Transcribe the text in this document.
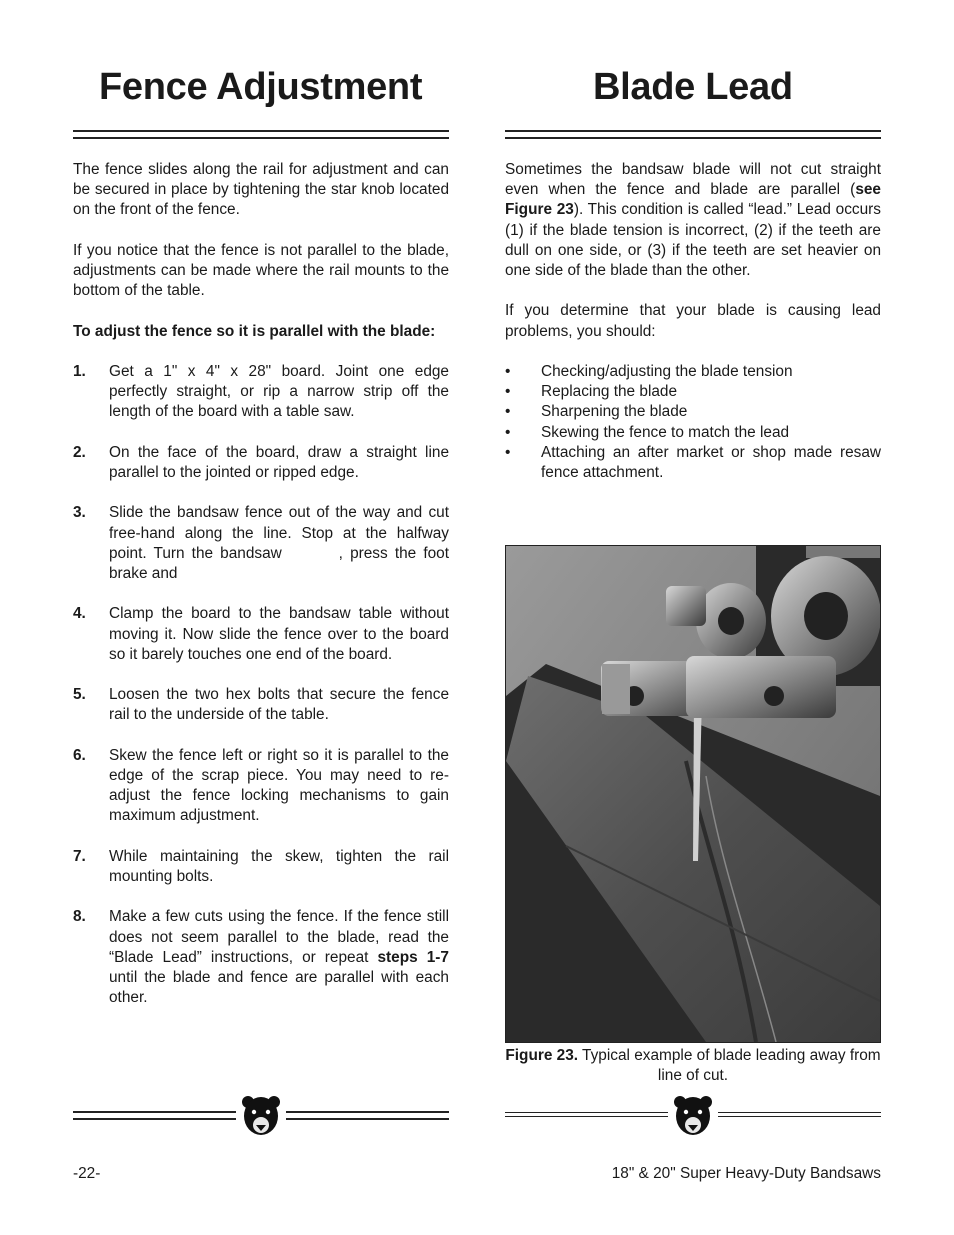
Fence Adjustment

The fence slides along the rail for adjustment and can be secured in place by tightening the star knob located on the front of the fence.

If you notice that the fence is not parallel to the blade, adjustments can be made where the rail mounts to the bottom of the table.

To adjust the fence so it is parallel with the blade:

1.	Get a 1" x 4" x 28" board. Joint one edge perfectly straight, or rip a narrow strip off the length of the board with a table saw.
2.	On the face of the board, draw a straight line parallel to the jointed or ripped edge.
3.	Slide the bandsaw fence out of the way and cut free-hand along the line. Stop at the halfway point. Turn the bandsaw        , press the foot brake and
4.	Clamp the board to the bandsaw table without moving it. Now slide the fence over to the board so it barely touches one end of the board.
5.	Loosen the two hex bolts that secure the fence rail to the underside of the table.
6.	Skew the fence left or right so it is parallel to the edge of the scrap piece. You may need to re-adjust the fence locking mechanisms to gain maximum adjustment.
7.	While maintaining the skew, tighten the rail mounting bolts.
8.	Make a few cuts using the fence. If the fence still does not seem parallel to the blade, read the “Blade Lead” instructions, or repeat steps 1-7 until the blade and fence are parallel with each other.
Blade Lead

Sometimes the bandsaw blade will not cut straight even when the fence and blade are parallel (see Figure 23). This condition is called “lead.” Lead occurs (1) if the blade tension is incorrect, (2) if the teeth are dull on one side, or (3) if the teeth are set heavier on one side of the blade than the other.

If you determine that your blade is causing lead problems, you should:

•	Checking/adjusting the blade tension
•	Replacing the blade
•	Sharpening the blade
•	Skewing the fence to match the lead
•	Attaching an after market or shop made resaw fence attachment.
Figure 23. Typical example of blade leading away from line of cut.
-22-	18" & 20" Super Heavy-Duty Bandsaws
